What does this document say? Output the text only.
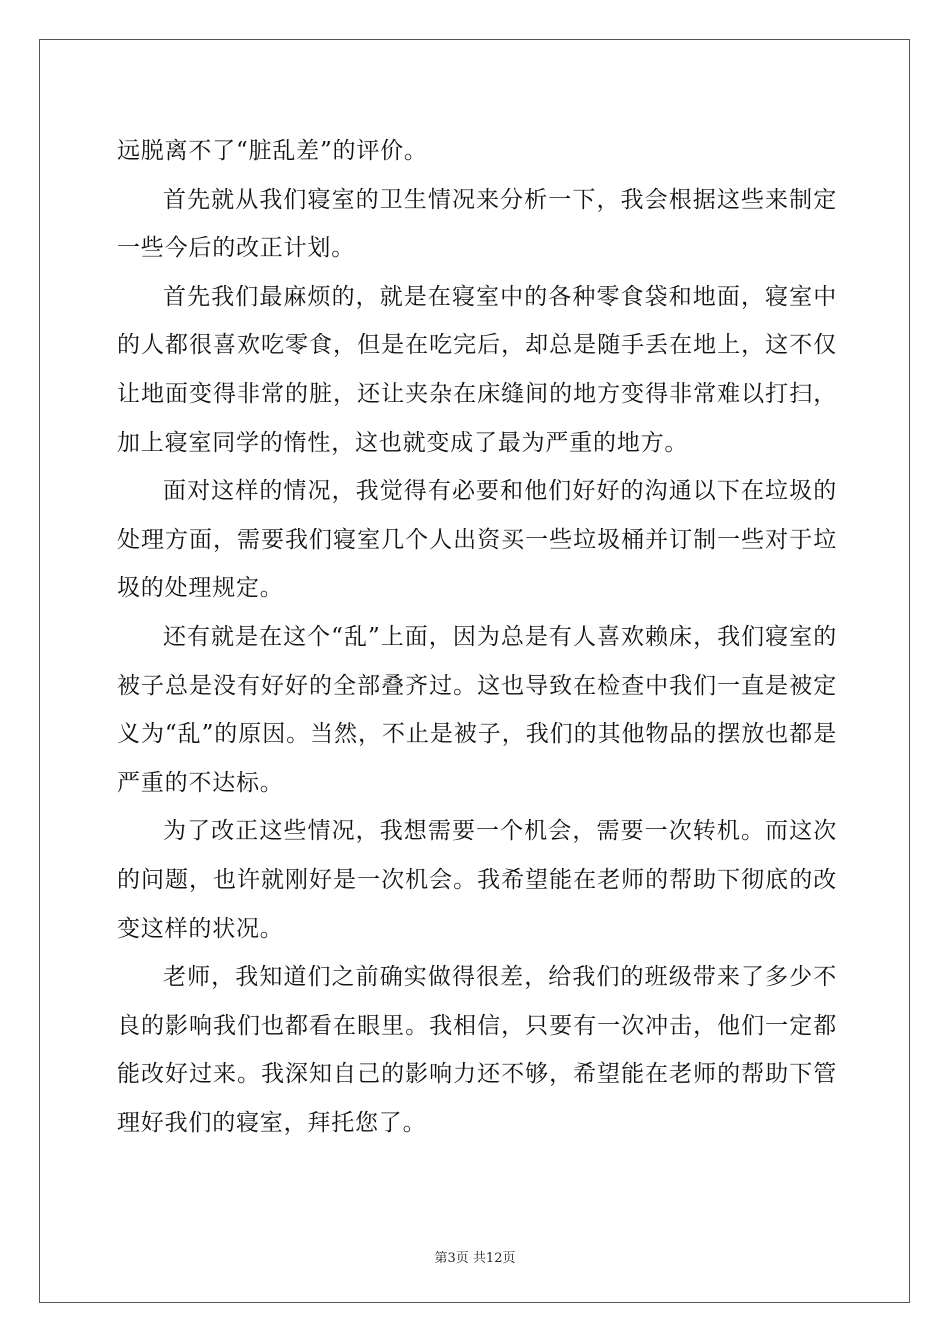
远脱离不了“脏乱差”的评价。

首先就从我们寝室的卫生情况来分析一下，我会根据这些来制定一些今后的改正计划。

首先我们最麻烦的，就是在寝室中的各种零食袋和地面，寝室中的人都很喜欢吃零食，但是在吃完后，却总是随手丢在地上，这不仅让地面变得非常的脏，还让夹杂在床缝间的地方变得非常难以打扫，加上寝室同学的惰性，这也就变成了最为严重的地方。

面对这样的情况，我觉得有必要和他们好好的沟通以下在垃圾的处理方面，需要我们寝室几个人出资买一些垃圾桶并订制一些对于垃圾的处理规定。

还有就是在这个“乱”上面，因为总是有人喜欢赖床，我们寝室的被子总是没有好好的全部叠齐过。这也导致在检查中我们一直是被定义为“乱”的原因。当然，不止是被子，我们的其他物品的摆放也都是严重的不达标。

为了改正这些情况，我想需要一个机会，需要一次转机。而这次的问题，也许就刚好是一次机会。我希望能在老师的帮助下彻底的改变这样的状况。

老师，我知道们之前确实做得很差，给我们的班级带来了多少不良的影响我们也都看在眼里。我相信，只要有一次冲击，他们一定都能改好过来。我深知自己的影响力还不够，希望能在老师的帮助下管理好我们的寝室，拜托您了。

第3页 共12页
